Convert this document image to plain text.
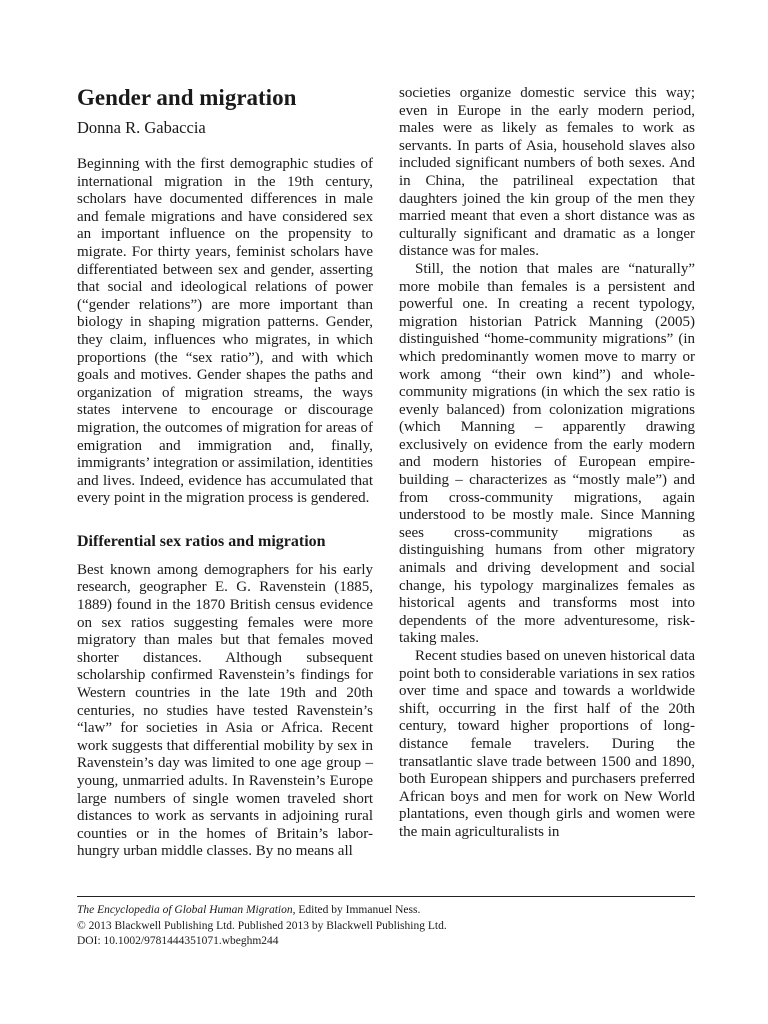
Gender and migration
Donna R. Gabaccia

Beginning with the first demographic studies of international migration in the 19th century, scholars have documented differences in male and female migrations and have considered sex an important influence on the propensity to migrate. For thirty years, feminist scholars have differentiated between sex and gender, asserting that social and ideological relations of power (“gender relations”) are more important than biology in shaping migration patterns. Gender, they claim, influences who migrates, in which proportions (the “sex ratio”), and with which goals and motives. Gender shapes the paths and organization of migration streams, the ways states intervene to encourage or discourage migration, the outcomes of migration for areas of emigration and immigration and, finally, immigrants’ integration or assimilation, identities and lives. Indeed, evidence has accumulated that every point in the migration process is gendered.

Differential sex ratios and migration

Best known among demographers for his early research, geographer E. G. Ravenstein (1885, 1889) found in the 1870 British census evidence on sex ratios suggesting females were more migratory than males but that females moved shorter distances. Although subsequent scholarship confirmed Ravenstein’s findings for Western countries in the late 19th and 20th centuries, no studies have tested Ravenstein’s “law” for societies in Asia or Africa. Recent work suggests that differential mobility by sex in Ravenstein’s day was limited to one age group – young, unmarried adults. In Ravenstein’s Europe large numbers of single women traveled short distances to work as servants in adjoining rural counties or in the homes of Britain’s labor-hungry urban middle classes. By no means all

societies organize domestic service this way; even in Europe in the early modern period, males were as likely as females to work as servants. In parts of Asia, household slaves also included significant numbers of both sexes. And in China, the patrilineal expectation that daughters joined the kin group of the men they married meant that even a short distance was as culturally significant and dramatic as a longer distance was for males.

Still, the notion that males are “naturally” more mobile than females is a persistent and powerful one. In creating a recent typology, migration historian Patrick Manning (2005) distinguished “home-community migrations” (in which predominantly women move to marry or work among “their own kind”) and whole-community migrations (in which the sex ratio is evenly balanced) from colonization migrations (which Manning – apparently drawing exclusively on evidence from the early modern and modern histories of European empire-building – characterizes as “mostly male”) and from cross-community migrations, again understood to be mostly male. Since Manning sees cross-community migrations as distinguishing humans from other migratory animals and driving development and social change, his typology marginalizes females as historical agents and transforms most into dependents of the more adventuresome, risk-taking males.

Recent studies based on uneven historical data point both to considerable variations in sex ratios over time and space and towards a worldwide shift, occurring in the first half of the 20th century, toward higher proportions of long-distance female travelers. During the transatlantic slave trade between 1500 and 1890, both European shippers and purchasers preferred African boys and men for work on New World plantations, even though girls and women were the main agriculturalists in

The Encyclopedia of Global Human Migration, Edited by Immanuel Ness.
© 2013 Blackwell Publishing Ltd. Published 2013 by Blackwell Publishing Ltd.
DOI: 10.1002/9781444351071.wbeghm244
